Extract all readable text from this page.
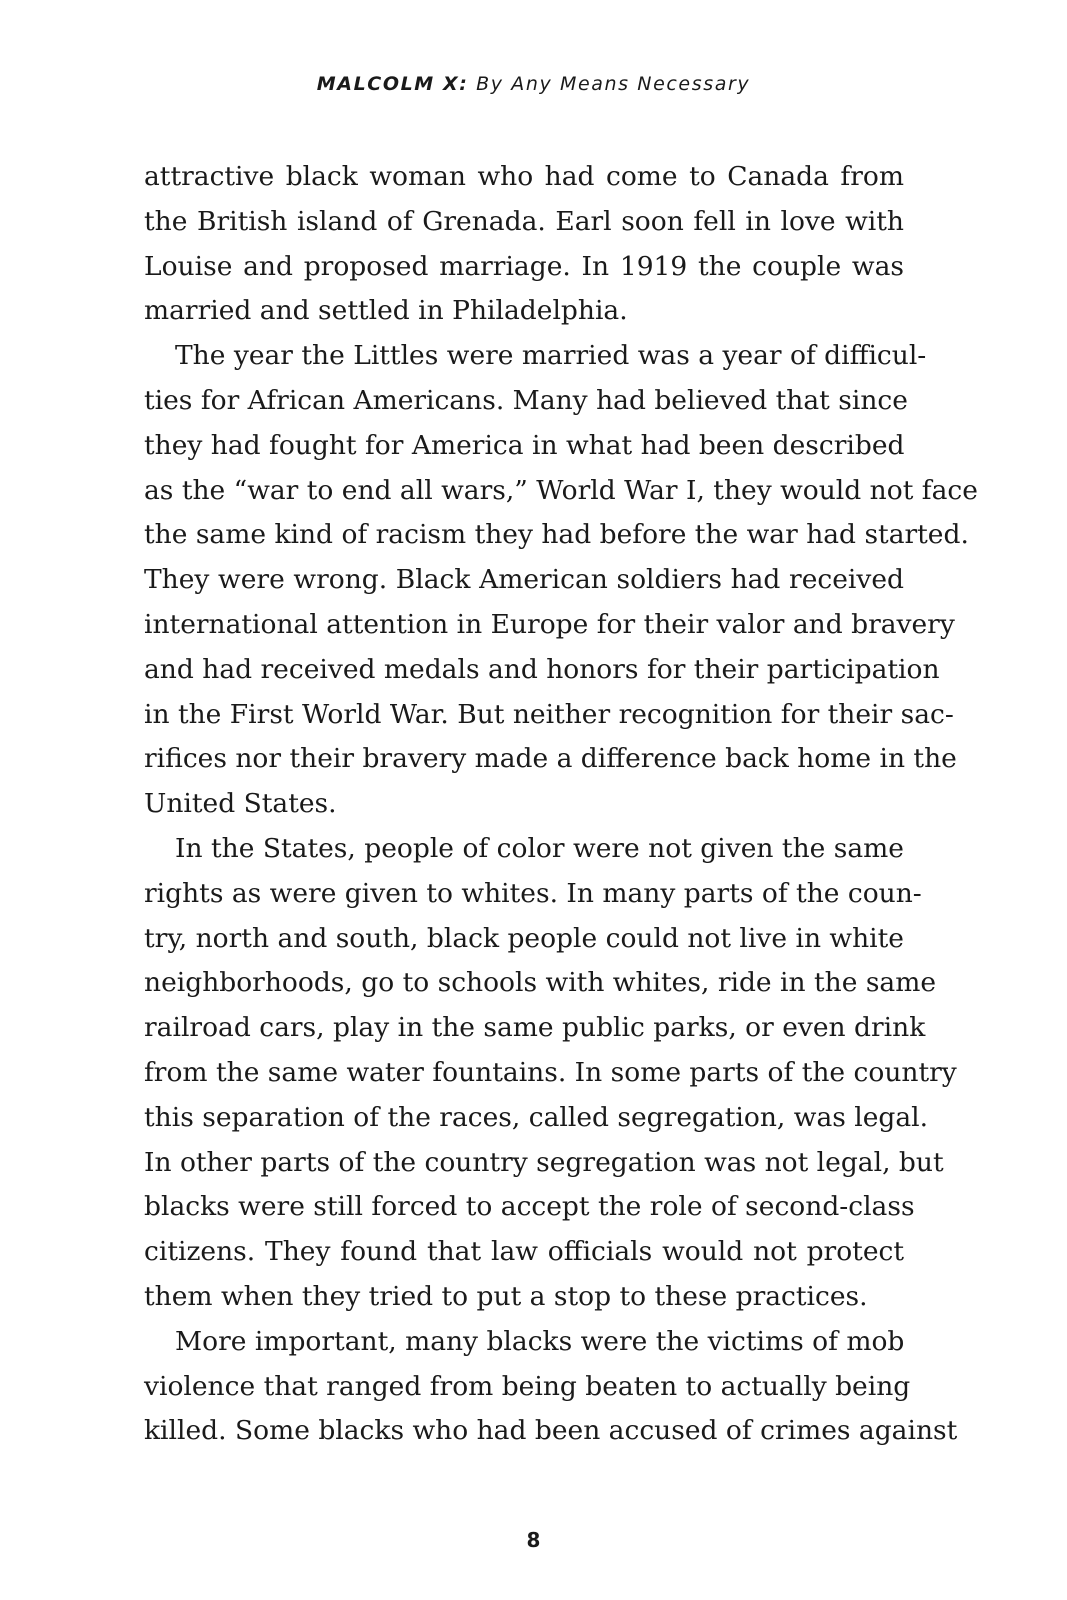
MALCOLM X: By Any Means Necessary
attractive black woman who had come to Canada from
the British island of Grenada. Earl soon fell in love with
Louise and proposed marriage. In 1919 the couple was
married and settled in Philadelphia.
The year the Littles were married was a year of difficul-
ties for African Americans. Many had believed that since
they had fought for America in what had been described
as the “war to end all wars,” World War I, they would not face
the same kind of racism they had before the war had started.
They were wrong. Black American soldiers had received
international attention in Europe for their valor and bravery
and had received medals and honors for their participation
in the First World War. But neither recognition for their sac-
rifices nor their bravery made a difference back home in the
United States.
In the States, people of color were not given the same
rights as were given to whites. In many parts of the coun-
try, north and south, black people could not live in white
neighborhoods, go to schools with whites, ride in the same
railroad cars, play in the same public parks, or even drink
from the same water fountains. In some parts of the country
this separation of the races, called segregation, was legal.
In other parts of the country segregation was not legal, but
blacks were still forced to accept the role of second-class
citizens. They found that law officials would not protect
them when they tried to put a stop to these practices.
More important, many blacks were the victims of mob
violence that ranged from being beaten to actually being
killed. Some blacks who had been accused of crimes against
8
